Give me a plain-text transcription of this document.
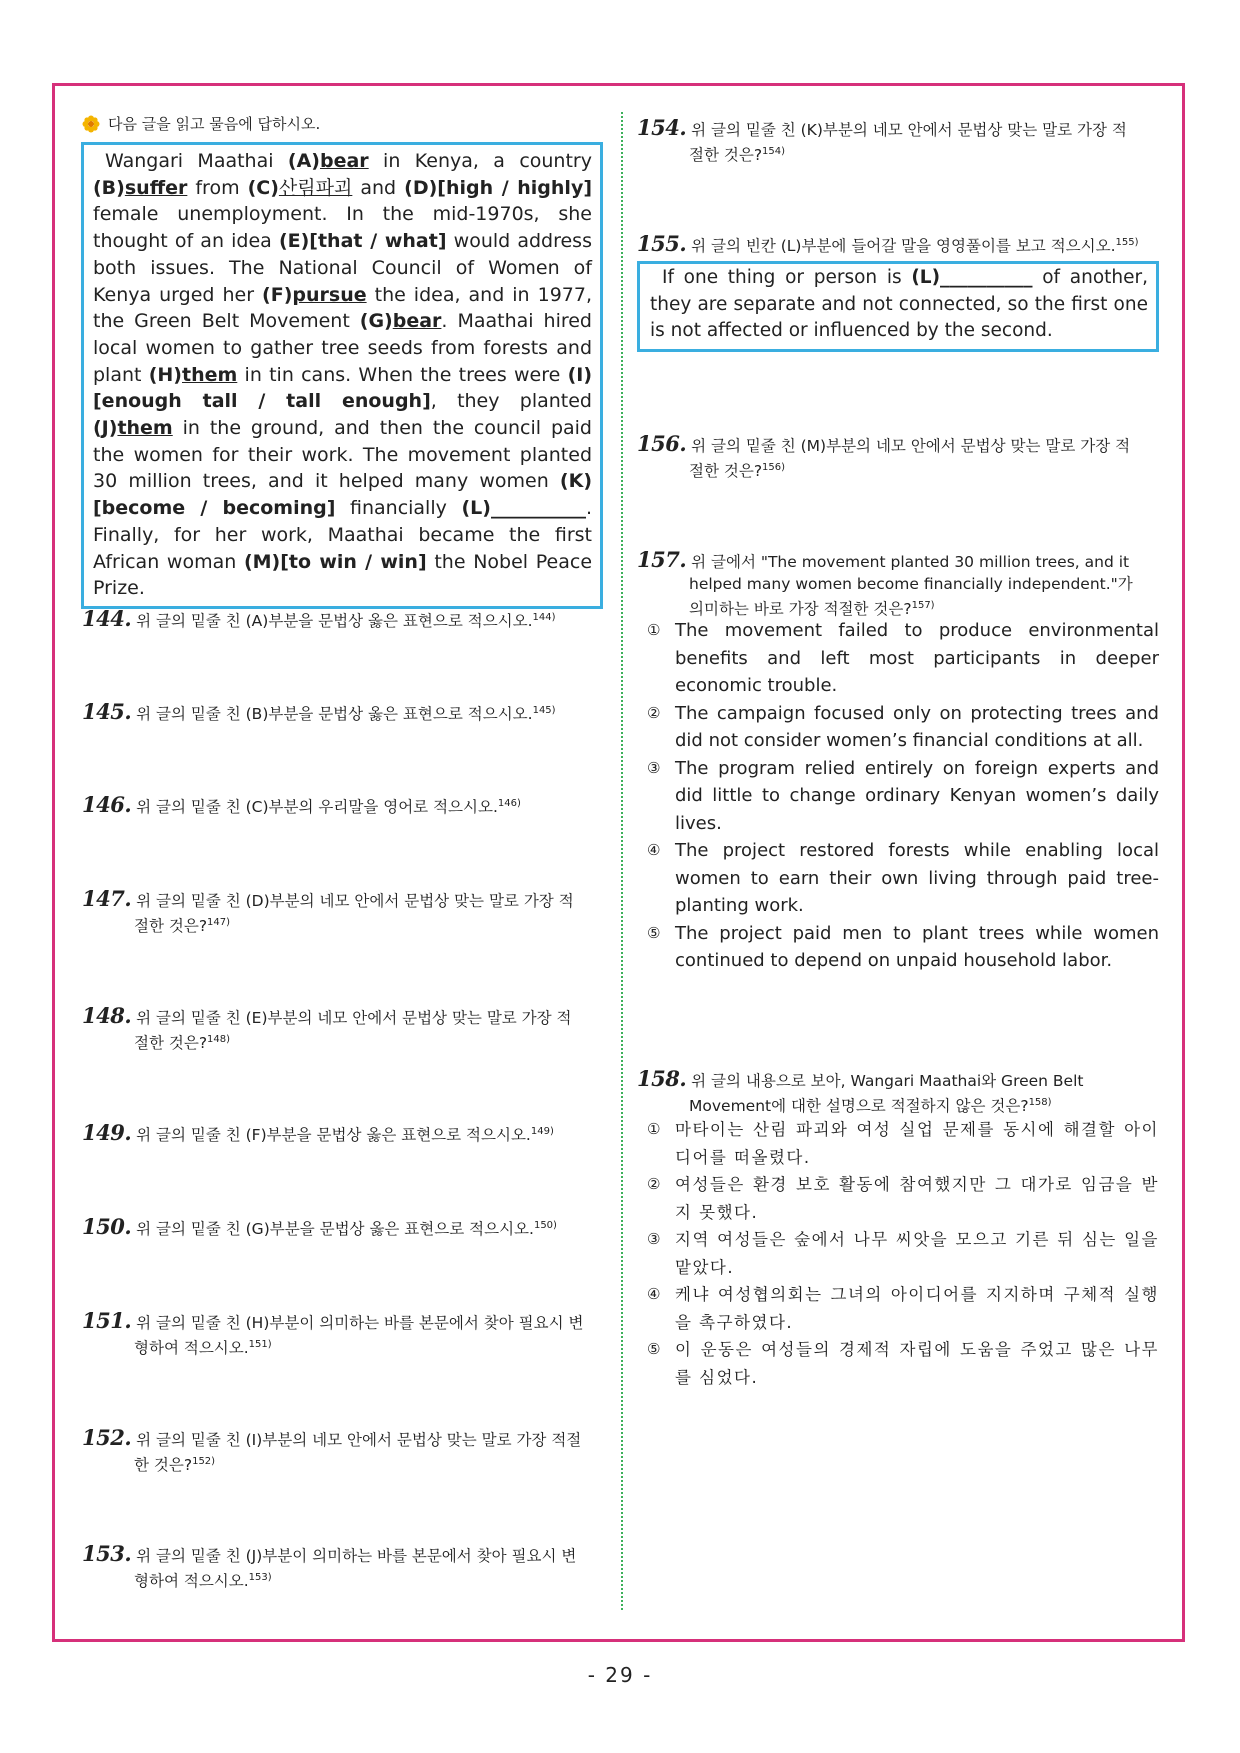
다음 글을 읽고 물음에 답하시오.
Wangari Maathai (A)bear in Kenya, a country (B)suffer from (C)산림파괴 and (D)[high / highly] female unemployment. In the mid-1970s, she thought of an idea (E)[that / what] would address both issues. The National Council of Women of Kenya urged her (F)pursue the idea, and in 1977, the Green Belt Movement (G)bear. Maathai hired local women to gather tree seeds from forests and plant (H)them in tin cans. When the trees were (I)[enough tall / tall enough], they planted (J)them in the ground, and then the council paid the women for their work. The movement planted 30 million trees, and it helped many women (K)[become / becoming] financially (L)__________. Finally, for her work, Maathai became the first African woman (M)[to win / win] the Nobel Peace Prize.
144. 위 글의 밑줄 친 (A)부분을 문법상 옳은 표현으로 적으시오.$^{144)}$
145. 위 글의 밑줄 친 (B)부분을 문법상 옳은 표현으로 적으시오.$^{145)}$
146. 위 글의 밑줄 친 (C)부분의 우리말을 영어로 적으시오.$^{146)}$
147. 위 글의 밑줄 친 (D)부분의 네모 안에서 문법상 맞는 말로 가장 적
절한 것은?$^{147)}$
148. 위 글의 밑줄 친 (E)부분의 네모 안에서 문법상 맞는 말로 가장 적
절한 것은?$^{148)}$
149. 위 글의 밑줄 친 (F)부분을 문법상 옳은 표현으로 적으시오.$^{149)}$
150. 위 글의 밑줄 친 (G)부분을 문법상 옳은 표현으로 적으시오.$^{150)}$
151. 위 글의 밑줄 친 (H)부분이 의미하는 바를 본문에서 찾아 필요시 변
형하여 적으시오.$^{151)}$
152. 위 글의 밑줄 친 (I)부분의 네모 안에서 문법상 맞는 말로 가장 적절
한 것은?$^{152)}$
153. 위 글의 밑줄 친 (J)부분이 의미하는 바를 본문에서 찾아 필요시 변
형하여 적으시오.$^{153)}$
154. 위 글의 밑줄 친 (K)부분의 네모 안에서 문법상 맞는 말로 가장 적
절한 것은?$^{154)}$
155. 위 글의 빈칸 (L)부분에 들어갈 말을 영영풀이를 보고 적으시오.$^{155)}$
If one thing or person is (L)__________ of another, they are separate and not connected, so the first one is not affected or influenced by the second.
156. 위 글의 밑줄 친 (M)부분의 네모 안에서 문법상 맞는 말로 가장 적
절한 것은?$^{156)}$
157. 위 글에서 "The movement planted 30 million trees, and it
helped many women become financially independent."가
의미하는 바로 가장 적절한 것은?$^{157)}$
① The movement failed to produce environmental benefits and left most participants in deeper economic trouble.
② The campaign focused only on protecting trees and did not consider women’s financial conditions at all.
③ The program relied entirely on foreign experts and did little to change ordinary Kenyan women’s daily lives.
④ The project restored forests while enabling local women to earn their own living through paid tree-planting work.
⑤ The project paid men to plant trees while women continued to depend on unpaid household labor.
158. 위 글의 내용으로 보아, Wangari Maathai와 Green Belt
Movement에 대한 설명으로 적절하지 않은 것은?$^{158)}$
① 마타이는 산림 파괴와 여성 실업 문제를 동시에 해결할 아이디어를 떠올렸다.
② 여성들은 환경 보호 활동에 참여했지만 그 대가로 임금을 받지 못했다.
③ 지역 여성들은 숲에서 나무 씨앗을 모으고 기른 뒤 심는 일을 맡았다.
④ 케냐 여성협의회는 그녀의 아이디어를 지지하며 구체적 실행을 촉구하였다.
⑤ 이 운동은 여성들의 경제적 자립에 도움을 주었고 많은 나무를 심었다.
- 29 -
